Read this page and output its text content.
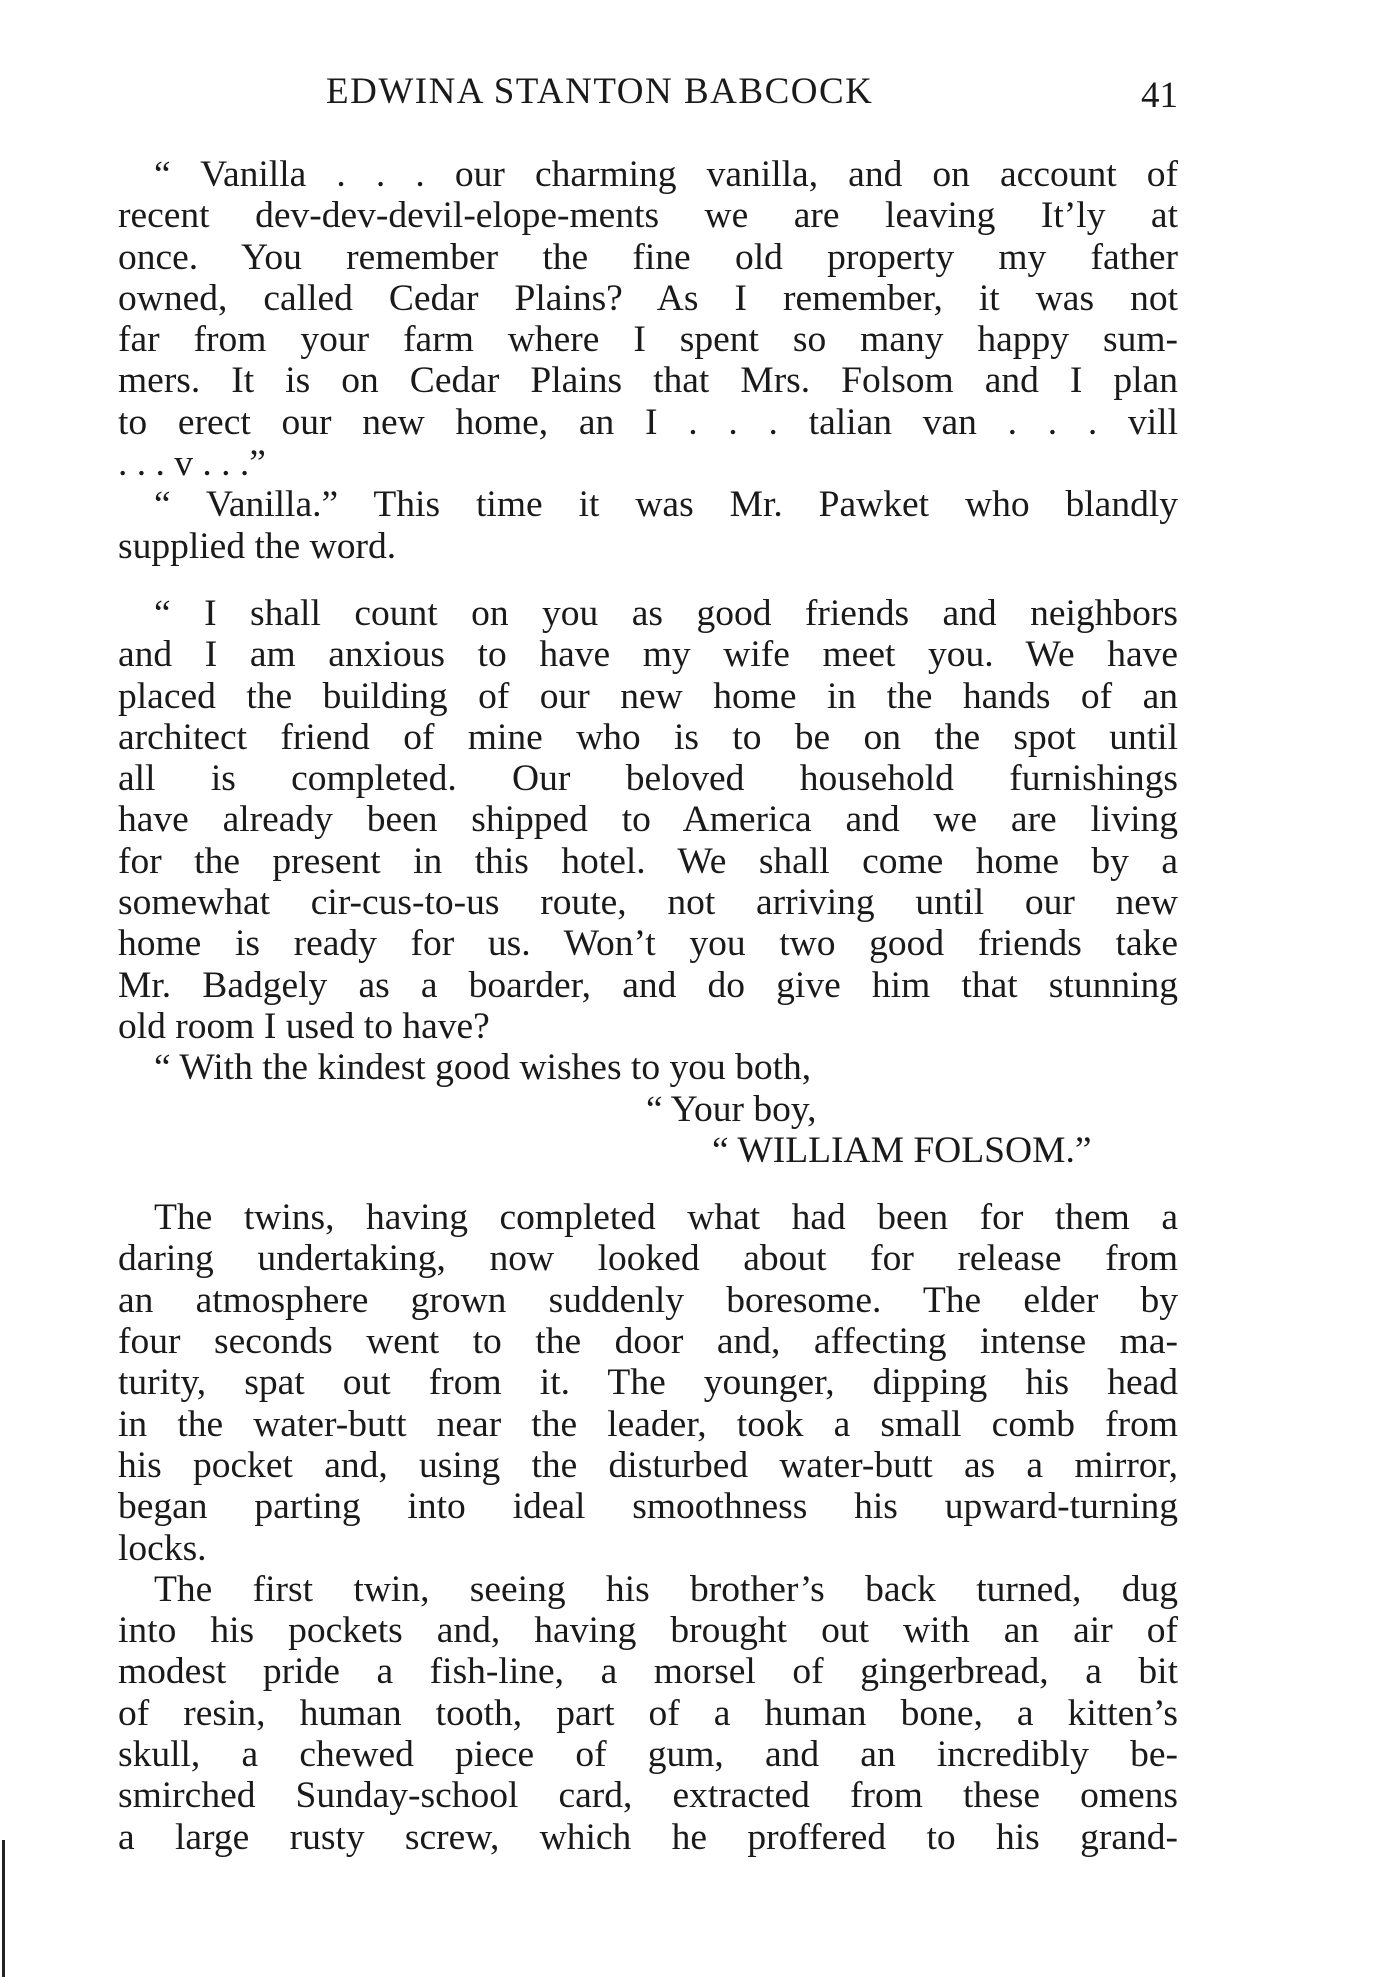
EDWINA STANTON BABCOCK	41
“ Vanilla . . . our charming vanilla, and on account of
recent dev-dev-devil-elope-ments we are leaving It’ly at
once. You remember the fine old property my father
owned, called Cedar Plains? As I remember, it was not
far from your farm where I spent so many happy sum-
mers. It is on Cedar Plains that Mrs. Folsom and I plan
to erect our new home, an I . . . talian van . . . vill
. . . v . . .”
“ Vanilla.” This time it was Mr. Pawket who blandly
supplied the word.
“ I shall count on you as good friends and neighbors
and I am anxious to have my wife meet you. We have
placed the building of our new home in the hands of an
architect friend of mine who is to be on the spot until
all is completed. Our beloved household furnishings
have already been shipped to America and we are living
for the present in this hotel. We shall come home by a
somewhat cir-cus-to-us route, not arriving until our new
home is ready for us. Won’t you two good friends take
Mr. Badgely as a boarder, and do give him that stunning
old room I used to have?
“ With the kindest good wishes to you both,
“ Your boy,
“ WILLIAM FOLSOM.”
The twins, having completed what had been for them a
daring undertaking, now looked about for release from
an atmosphere grown suddenly boresome. The elder by
four seconds went to the door and, affecting intense ma-
turity, spat out from it. The younger, dipping his head
in the water-butt near the leader, took a small comb from
his pocket and, using the disturbed water-butt as a mirror,
began parting into ideal smoothness his upward-turning
locks.
The first twin, seeing his brother’s back turned, dug
into his pockets and, having brought out with an air of
modest pride a fish-line, a morsel of gingerbread, a bit
of resin, human tooth, part of a human bone, a kitten’s
skull, a chewed piece of gum, and an incredibly be-
smirched Sunday-school card, extracted from these omens
a large rusty screw, which he proffered to his grand-
